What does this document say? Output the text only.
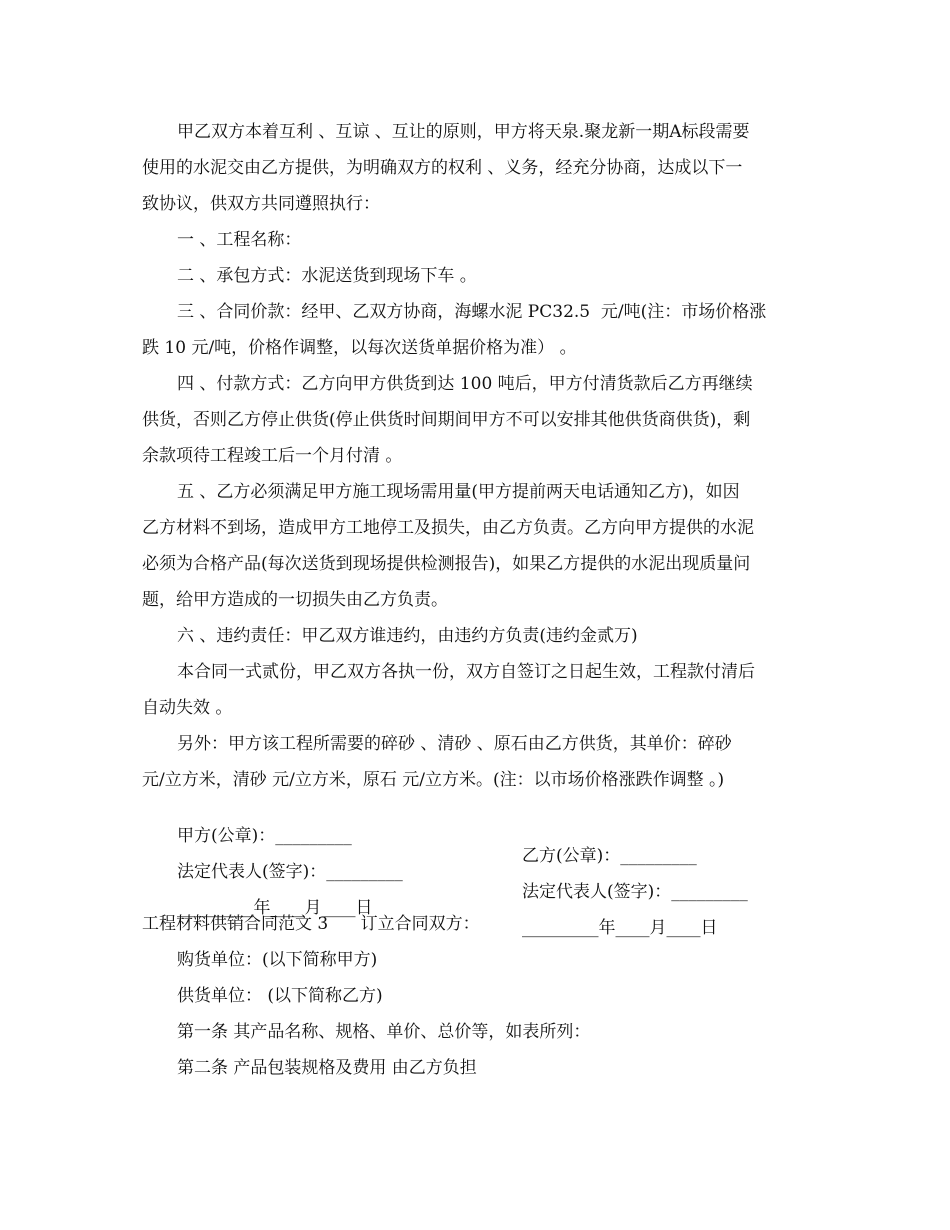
甲乙双方本着互利 、互谅 、互让的原则，甲方将天泉.聚龙新一期A标段需要
使用的水泥交由乙方提供，为明确双方的权利 、义务，经充分协商，达成以下一
致协议，供双方共同遵照执行：
一 、工程名称：
二 、承包方式：水泥送货到现场下车 。
三 、合同价款：经甲、乙双方协商，海螺水泥 PC32.5  元/吨(注：市场价格涨
跌 10 元/吨，价格作调整，以每次送货单据价格为准） 。
四 、付款方式：乙方向甲方供货到达 100 吨后，甲方付清货款后乙方再继续
供货，否则乙方停止供货(停止供货时间期间甲方不可以安排其他供货商供货)，剩
余款项待工程竣工后一个月付清 。
五 、乙方必须满足甲方施工现场需用量(甲方提前两天电话通知乙方)，如因
乙方材料不到场，造成甲方工地停工及损失，由乙方负责。乙方向甲方提供的水泥
必须为合格产品(每次送货到现场提供检测报告)，如果乙方提供的水泥出现质量问
题，给甲方造成的一切损失由乙方负责。
六 、违约责任：甲乙双方谁违约，由违约方负责(违约金贰万)
本合同一式贰份，甲乙双方各执一份，双方自签订之日起生效，工程款付清后
自动失效 。
另外：甲方该工程所需要的碎砂 、清砂 、原石由乙方供货，其单价：碎砂
元/立方米，清砂 元/立方米，原石 元/立方米。(注：以市场价格涨跌作调整 。)

甲方(公章)：_________

乙方(公章)：_________

法定代表人(签字)：_________

法定代表人(签字)：_________

_________年____月____日

_________年____月____日

工程材料供销合同范文 3      订立合同双方：
购货单位：(以下简称甲方)
供货单位： (以下简称乙方)
第一条 其产品名称、规格、单价、总价等，如表所列：
第二条 产品包装规格及费用 由乙方负担
